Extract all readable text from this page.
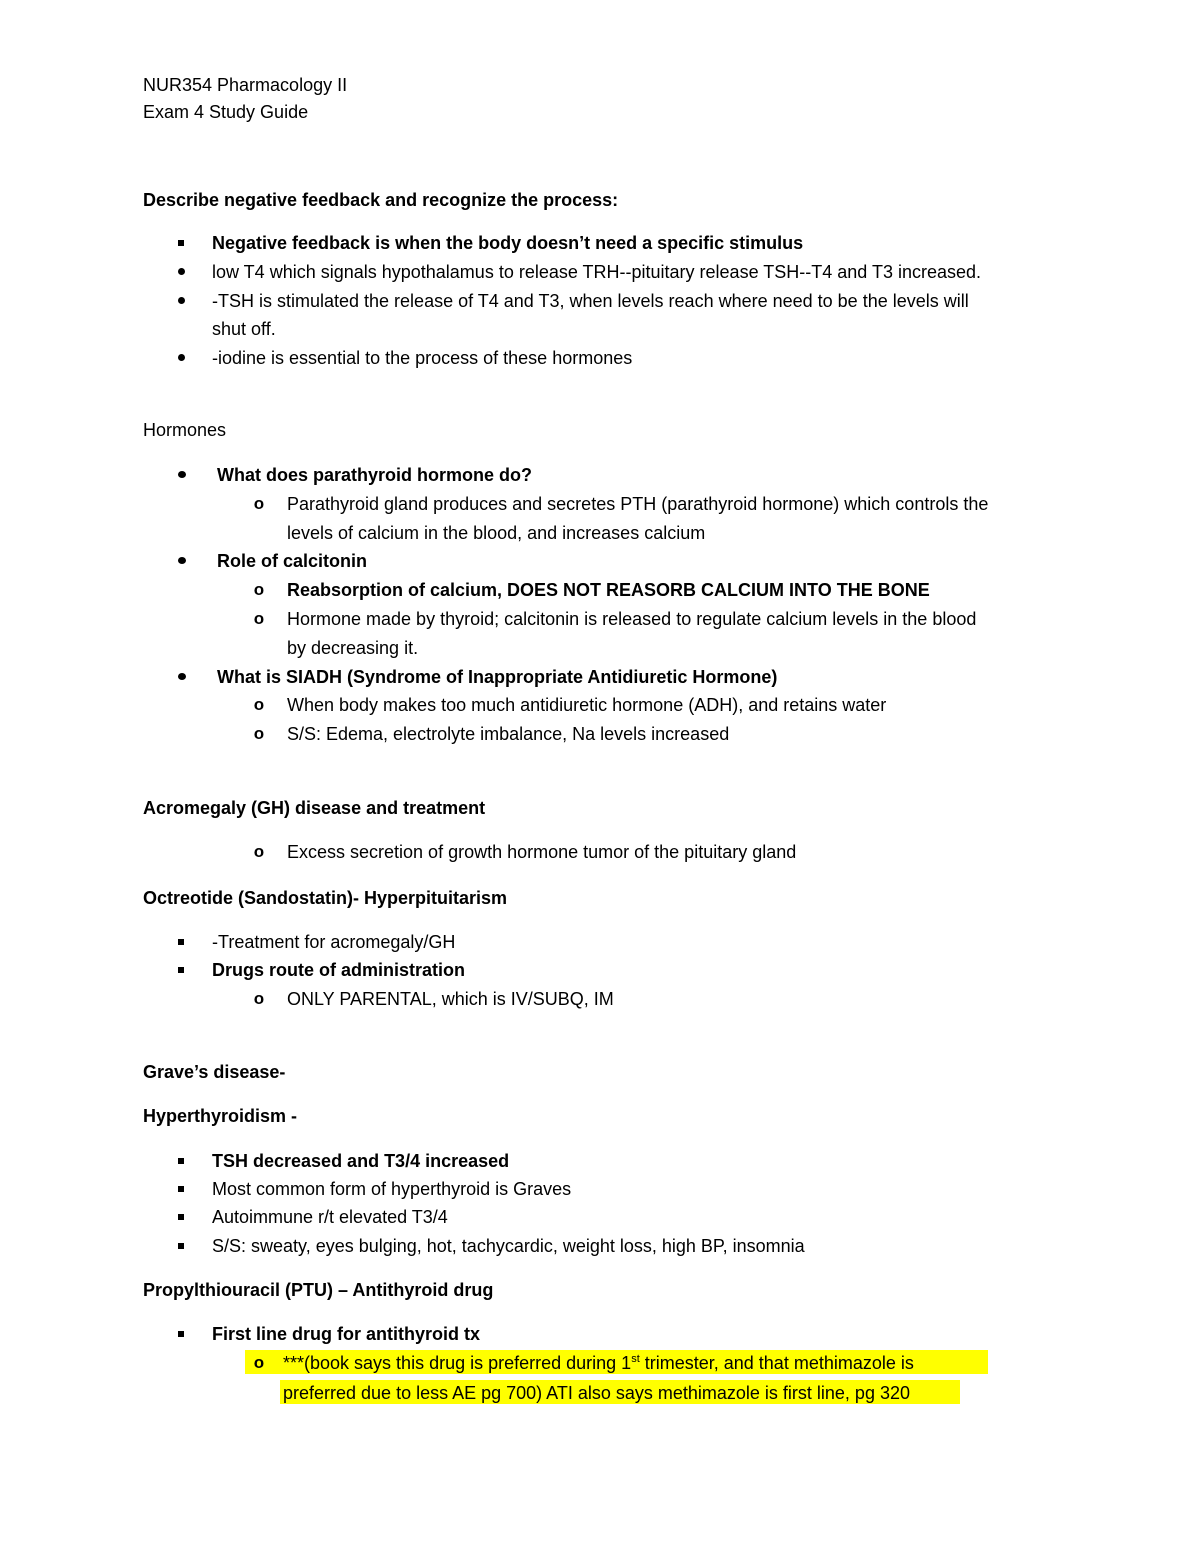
NUR354 Pharmacology II
Exam 4 Study Guide
Describe negative feedback and recognize the process:
Negative feedback is when the body doesn’t need a specific stimulus
low T4 which signals hypothalamus to release TRH--pituitary release TSH--T4 and T3 increased.
-TSH is stimulated the release of T4 and T3, when levels reach where need to be the levels will
shut off.
-iodine is essential to the process of these hormones
Hormones
What does parathyroid hormone do?
o Parathyroid gland produces and secretes PTH (parathyroid hormone) which controls the
levels of calcium in the blood, and increases calcium
Role of calcitonin
o Reabsorption of calcium, DOES NOT REASORB CALCIUM INTO THE BONE
o Hormone made by thyroid; calcitonin is released to regulate calcium levels in the blood
by decreasing it.
What is SIADH (Syndrome of Inappropriate Antidiuretic Hormone)
o When body makes too much antidiuretic hormone (ADH), and retains water
o S/S: Edema, electrolyte imbalance, Na levels increased
Acromegaly (GH) disease and treatment
o Excess secretion of growth hormone tumor of the pituitary gland
Octreotide (Sandostatin)- Hyperpituitarism
-Treatment for acromegaly/GH
Drugs route of administration
o ONLY PARENTAL, which is IV/SUBQ, IM
Grave’s disease-
Hyperthyroidism -
TSH decreased and T3/4 increased
Most common form of hyperthyroid is Graves
Autoimmune r/t elevated T3/4
S/S: sweaty, eyes bulging, hot, tachycardic, weight loss, high BP, insomnia
Propylthiouracil (PTU) – Antithyroid drug
First line drug for antithyroid tx
o ***(book says this drug is preferred during 1st trimester, and that methimazole is
preferred due to less AE pg 700) ATI also says methimazole is first line, pg 320
